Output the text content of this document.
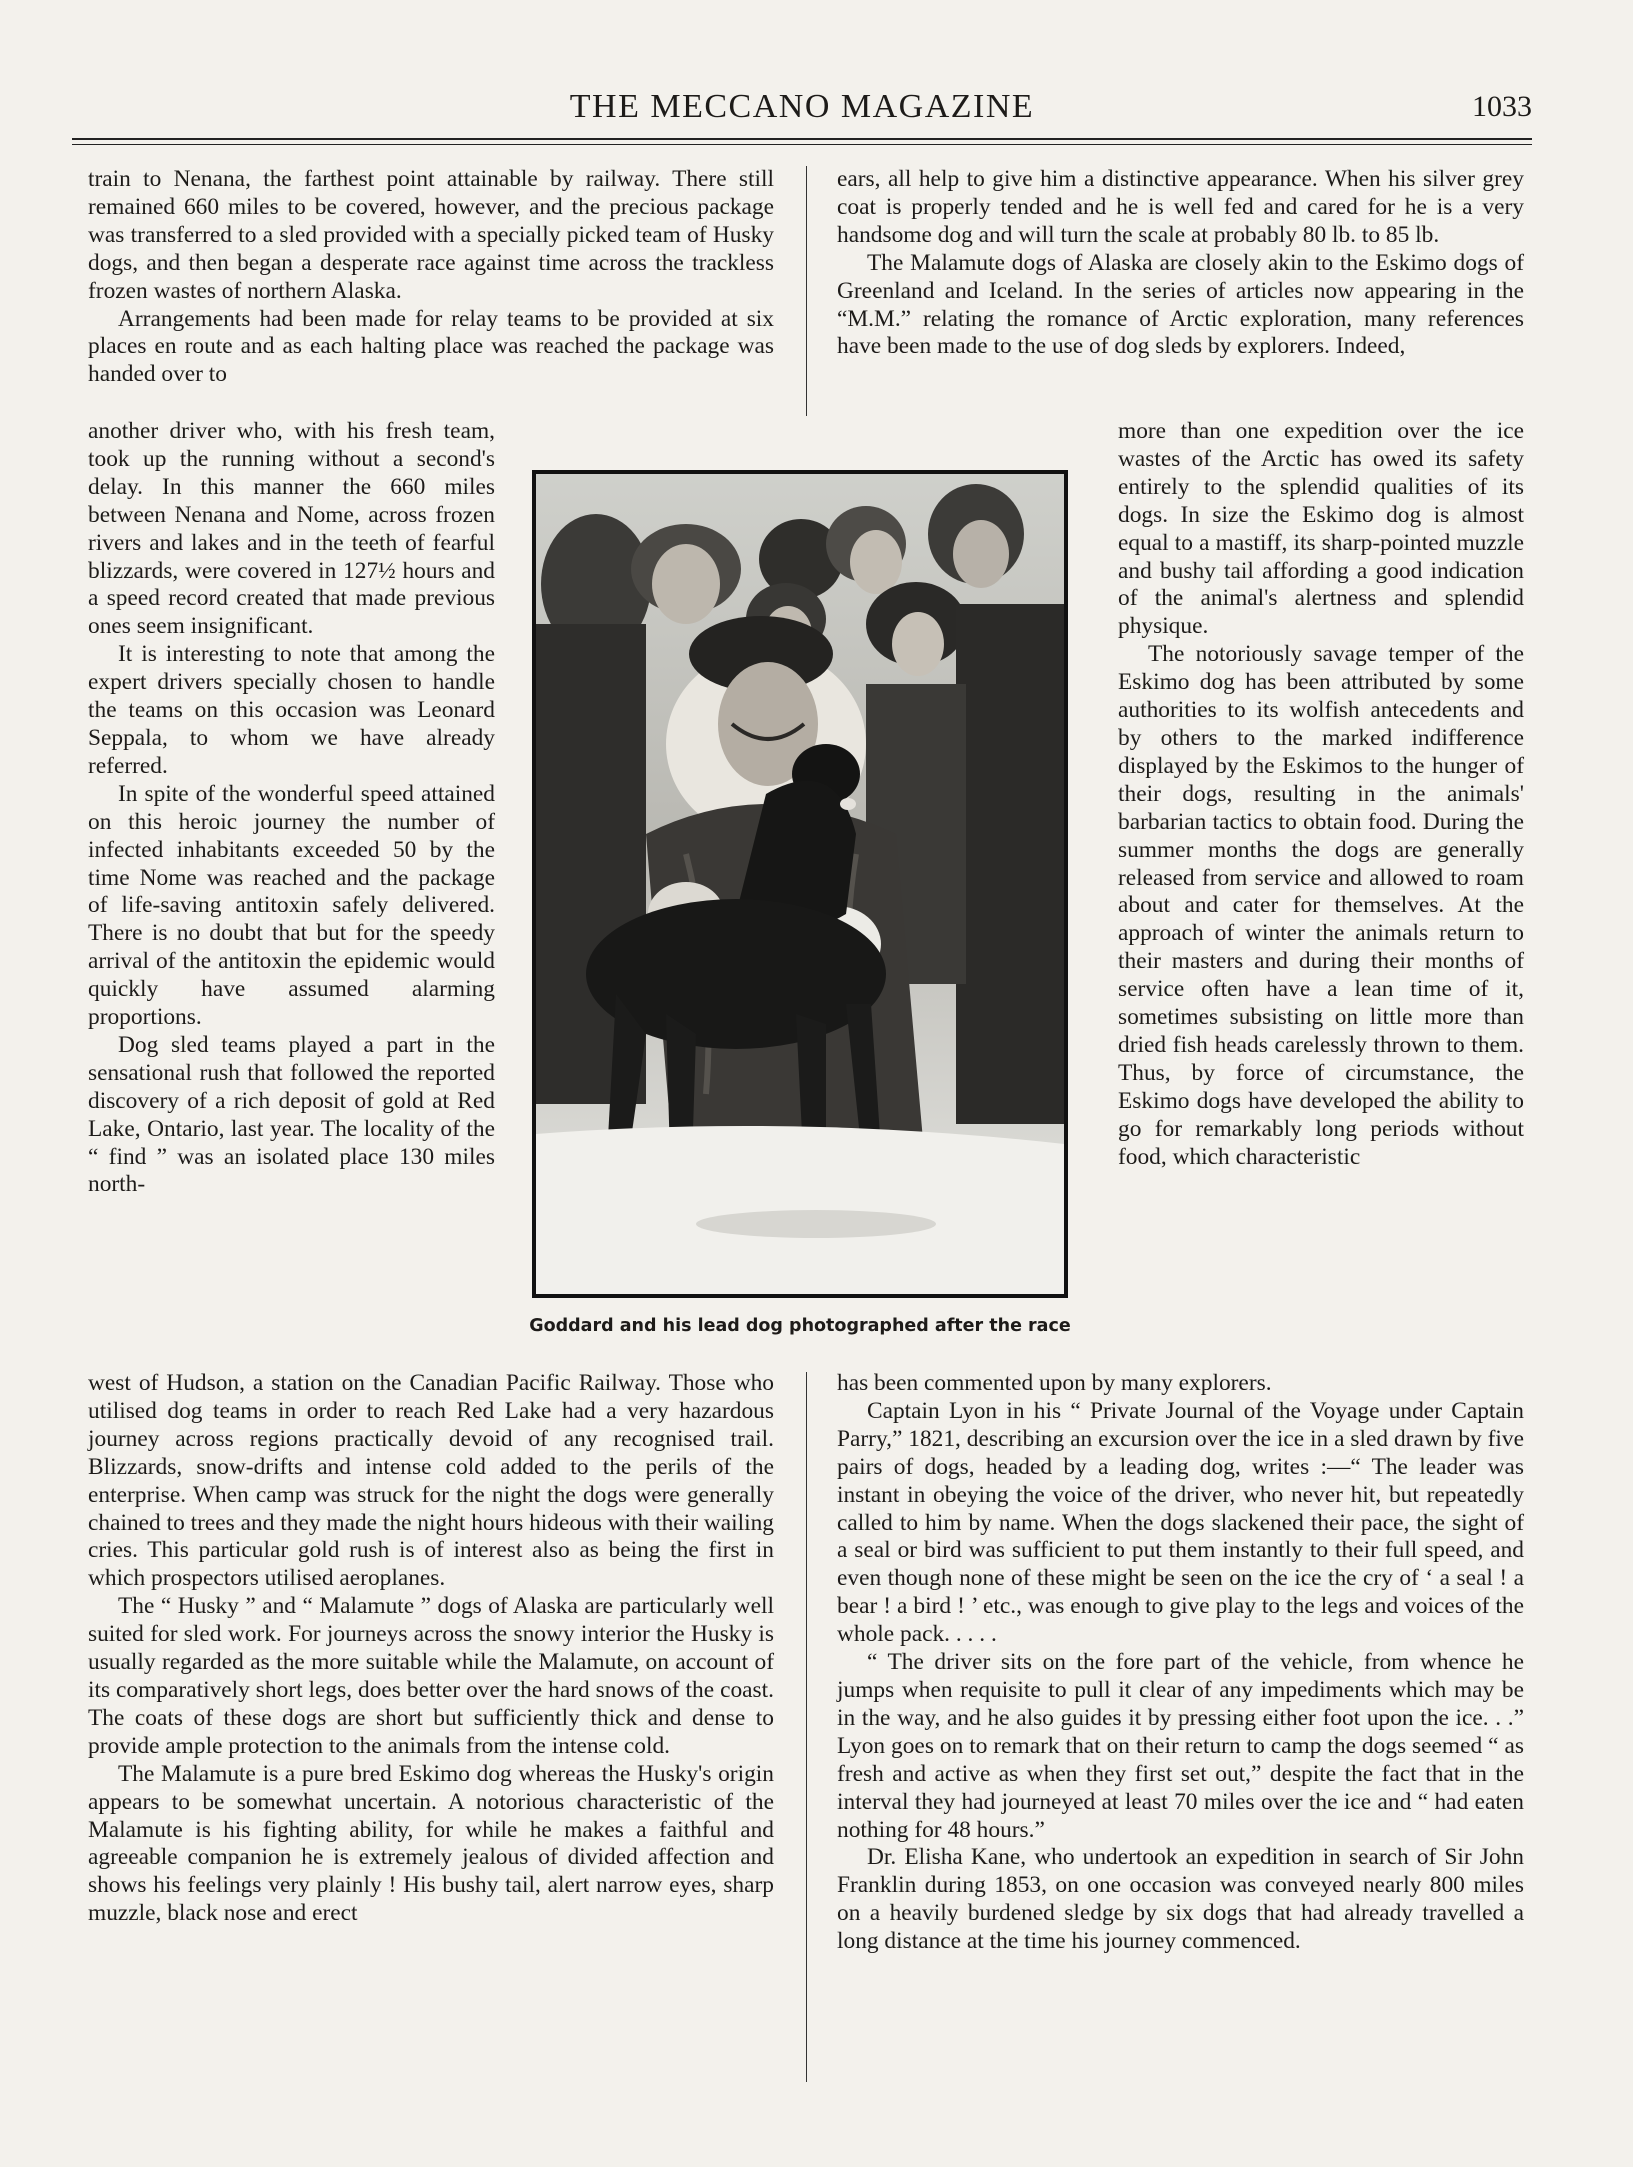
THE MECCANO MAGAZINE	1033

train to Nenana, the farthest point attainable by railway. There still remained 660 miles to be covered, however, and the precious package was transferred to a sled provided with a specially picked team of Husky dogs, and then began a desperate race against time across the trackless frozen wastes of northern Alaska.

Arrangements had been made for relay teams to be provided at six places en route and as each halting place was reached the package was handed over to

another driver who, with his fresh team, took up the running without a second's delay. In this manner the 660 miles between Nenana and Nome, across frozen rivers and lakes and in the teeth of fearful blizzards, were covered in 127½ hours and a speed record created that made previous ones seem insignificant.

It is interesting to note that among the expert drivers specially chosen to handle the teams on this occasion was Leonard Seppala, to whom we have already referred.

In spite of the wonderful speed attained on this heroic journey the number of infected inhabitants exceeded 50 by the time Nome was reached and the package of life-saving antitoxin safely delivered. There is no doubt that but for the speedy arrival of the antitoxin the epidemic would quickly have assumed alarming proportions.

Dog sled teams played a part in the sensational rush that followed the reported discovery of a rich deposit of gold at Red Lake, Ontario, last year. The locality of the “ find ” was an isolated place 130 miles north-

west of Hudson, a station on the Canadian Pacific Railway. Those who utilised dog teams in order to reach Red Lake had a very hazardous journey across regions practically devoid of any recognised trail. Blizzards, snow-drifts and intense cold added to the perils of the enterprise. When camp was struck for the night the dogs were generally chained to trees and they made the night hours hideous with their wailing cries. This particular gold rush is of interest also as being the first in which prospectors utilised aeroplanes.

The “ Husky ” and “ Malamute ” dogs of Alaska are particularly well suited for sled work. For journeys across the snowy interior the Husky is usually regarded as the more suitable while the Malamute, on account of its comparatively short legs, does better over the hard snows of the coast. The coats of these dogs are short but sufficiently thick and dense to provide ample protection to the animals from the intense cold.

The Malamute is a pure bred Eskimo dog whereas the Husky's origin appears to be somewhat uncertain. A notorious characteristic of the Malamute is his fighting ability, for while he makes a faithful and agreeable companion he is extremely jealous of divided affection and shows his feelings very plainly ! His bushy tail, alert narrow eyes, sharp muzzle, black nose and erect

ears, all help to give him a distinctive appearance. When his silver grey coat is properly tended and he is well fed and cared for he is a very handsome dog and will turn the scale at probably 80 lb. to 85 lb.

The Malamute dogs of Alaska are closely akin to the Eskimo dogs of Greenland and Iceland. In the series of articles now appearing in the “M.M.” relating the romance of Arctic exploration, many references have been made to the use of dog sleds by explorers. Indeed,

more than one expedition over the ice wastes of the Arctic has owed its safety entirely to the splendid qualities of its dogs. In size the Eskimo dog is almost equal to a mastiff, its sharp-pointed muzzle and bushy tail affording a good indication of the animal's alertness and splendid physique.

The notoriously savage temper of the Eskimo dog has been attributed by some authorities to its wolfish antecedents and by others to the marked indifference displayed by the Eskimos to the hunger of their dogs, resulting in the animals' barbarian tactics to obtain food. During the summer months the dogs are generally released from service and allowed to roam about and cater for themselves. At the approach of winter the animals return to their masters and during their months of service often have a lean time of it, sometimes subsisting on little more than dried fish heads carelessly thrown to them. Thus, by force of circumstance, the Eskimo dogs have developed the ability to go for remarkably long periods without food, which characteristic

has been commented upon by many explorers.

Captain Lyon in his “ Private Journal of the Voyage under Captain Parry,” 1821, describing an excursion over the ice in a sled drawn by five pairs of dogs, headed by a leading dog, writes :—“ The leader was instant in obeying the voice of the driver, who never hit, but repeatedly called to him by name. When the dogs slackened their pace, the sight of a seal or bird was sufficient to put them instantly to their full speed, and even though none of these might be seen on the ice the cry of ‘ a seal ! a bear ! a bird ! ’ etc., was enough to give play to the legs and voices of the whole pack. . . . .

“ The driver sits on the fore part of the vehicle, from whence he jumps when requisite to pull it clear of any impediments which may be in the way, and he also guides it by pressing either foot upon the ice. . .” Lyon goes on to remark that on their return to camp the dogs seemed “ as fresh and active as when they first set out,” despite the fact that in the interval they had journeyed at least 70 miles over the ice and “ had eaten nothing for 48 hours.”

Dr. Elisha Kane, who undertook an expedition in search of Sir John Franklin during 1853, on one occasion was conveyed nearly 800 miles on a heavily burdened sledge by six dogs that had already travelled a long distance at the time his journey commenced.

Goddard and his lead dog photographed after the race
